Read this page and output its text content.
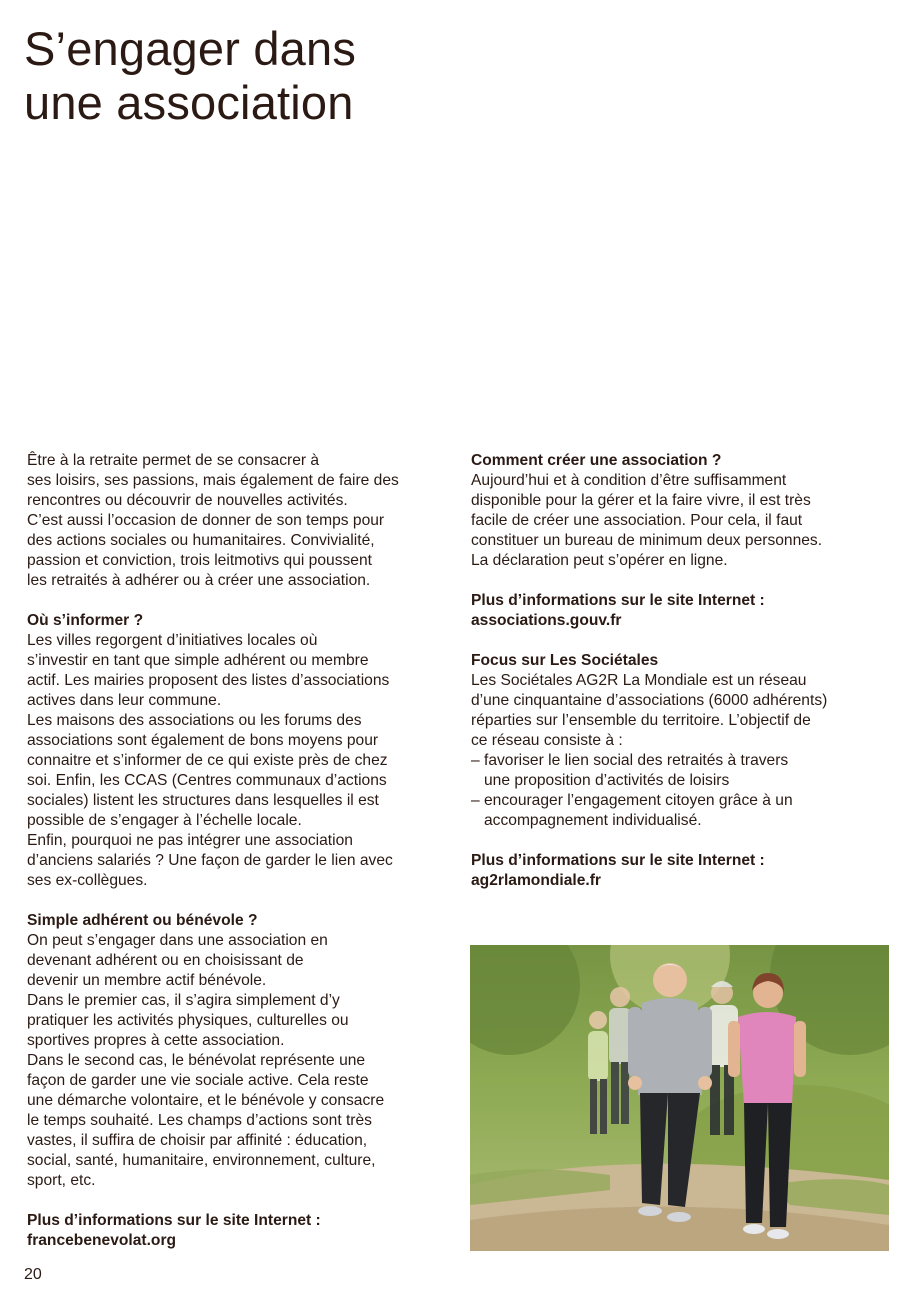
S’engager dans
une association

Être à la retraite permet de se consacrer à

ses loisirs, ses passions, mais également de faire des

rencontres ou découvrir de nouvelles activités.

C’est aussi l’occasion de donner de son temps pour

des actions sociales ou humanitaires. Convivialité,

passion et conviction, trois leitmotivs qui poussent

les retraités à adhérer ou à créer une association.

Où s’informer ?

Les villes regorgent d’initiatives locales où

s’investir en tant que simple adhérent ou membre

actif. Les mairies proposent des listes d’associations

actives dans leur commune.

Les maisons des associations ou les forums des

associations sont également de bons moyens pour

connaitre et s’informer de ce qui existe près de chez

soi. Enfin, les CCAS (Centres communaux d’actions

sociales) listent les structures dans lesquelles il est

possible de s’engager à l’échelle locale.

Enfin, pourquoi ne pas intégrer une association

d’anciens salariés ? Une façon de garder le lien avec

ses ex-collègues.

Simple adhérent ou bénévole ?

On peut s’engager dans une association en

devenant adhérent ou en choisissant de

devenir un membre actif bénévole.

Dans le premier cas, il s’agira simplement d’y

pratiquer les activités physiques, culturelles ou

sportives propres à cette association.

Dans le second cas, le bénévolat représente une

façon de garder une vie sociale active. Cela reste

une démarche volontaire, et le bénévole y consacre

le temps souhaité. Les champs d’actions sont très

vastes, il suffira de choisir par affinité : éducation,

social, santé, humanitaire, environnement, culture,

sport, etc.

Plus d’informations sur le site Internet :

francebenevolat.org

Comment créer une association ?

Aujourd’hui et à condition d’être suffisamment

disponible pour la gérer et la faire vivre, il est très

facile de créer une association. Pour cela, il faut

constituer un bureau de minimum deux personnes.

La déclaration peut s’opérer en ligne.

Plus d’informations sur le site Internet :

associations.gouv.fr

Focus sur Les Sociétales

Les Sociétales AG2R La Mondiale est un réseau

d’une cinquantaine d’associations (6000 adhérents)

réparties sur l’ensemble du territoire. L’objectif de

ce réseau consiste à :

– favoriser le lien social des retraités à travers

une proposition d’activités de loisirs

– encourager l’engagement citoyen grâce à un

accompagnement individualisé.

Plus d’informations sur le site Internet :

ag2rlamondiale.fr

20
